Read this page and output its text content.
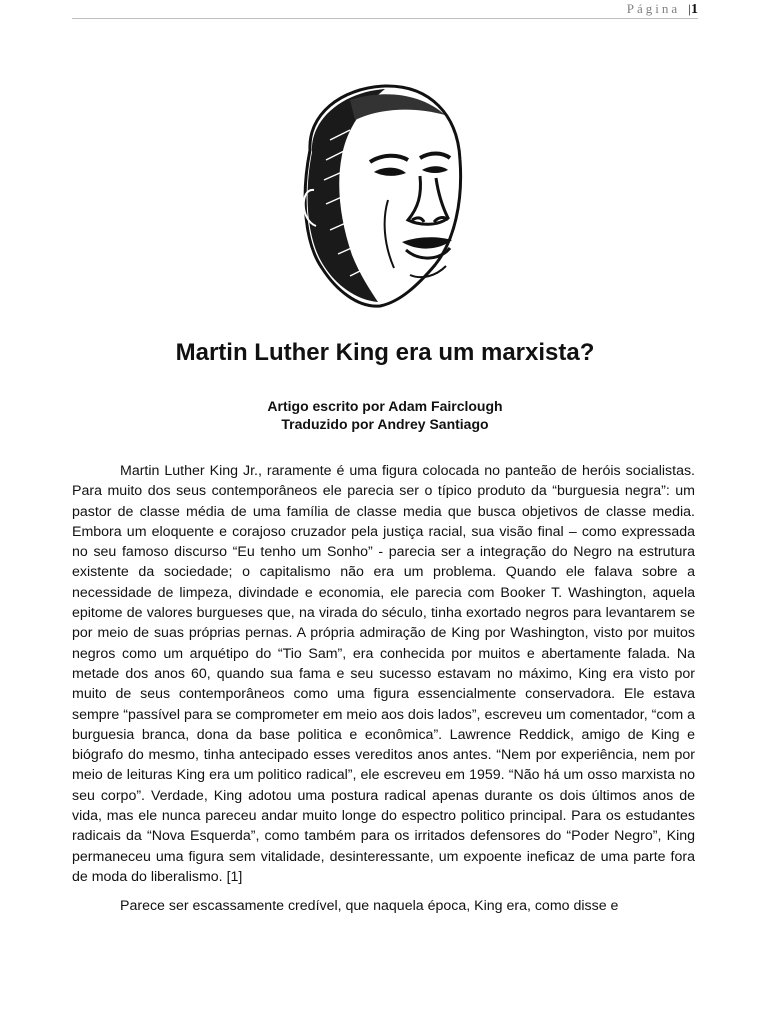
Página |1
Martin Luther King era um marxista?
Artigo escrito por Adam Fairclough
Traduzido por Andrey Santiago

Martin Luther King Jr., raramente é uma figura colocada no panteão de heróis socialistas. Para muito dos seus contemporâneos ele parecia ser o típico produto da “burguesia negra”: um pastor de classe média de uma família de classe media que busca objetivos de classe media. Embora um eloquente e corajoso cruzador pela justiça racial, sua visão final – como expressada no seu famoso discurso “Eu tenho um Sonho” - parecia ser a integração do Negro na estrutura existente da sociedade; o capitalismo não era um problema. Quando ele falava sobre a necessidade de limpeza, divindade e economia, ele parecia com Booker T. Washington, aquela epitome de valores burgueses que, na virada do século, tinha exortado negros para levantarem se por meio de suas próprias pernas. A própria admiração de King por Washington, visto por muitos negros como um arquétipo do “Tio Sam”, era conhecida por muitos e abertamente falada. Na metade dos anos 60, quando sua fama e seu sucesso estavam no máximo, King era visto por muito de seus contemporâneos como uma figura essencialmente conservadora. Ele estava sempre “passível para se comprometer em meio aos dois lados”, escreveu um comentador, “com a burguesia branca, dona da base politica e econômica”. Lawrence Reddick, amigo de King e biógrafo do mesmo, tinha antecipado esses vereditos anos antes. “Nem por experiência, nem por meio de leituras King era um politico radical”, ele escreveu em 1959. “Não há um osso marxista no seu corpo”. Verdade, King adotou uma postura radical apenas durante os dois últimos anos de vida, mas ele nunca pareceu andar muito longe do espectro politico principal. Para os estudantes radicais da “Nova Esquerda”, como também para os irritados defensores do “Poder Negro”, King permaneceu uma figura sem vitalidade, desinteressante, um expoente ineficaz de uma parte fora de moda do liberalismo. [1]

Parece ser escassamente credível, que naquela época, King era, como disse e
